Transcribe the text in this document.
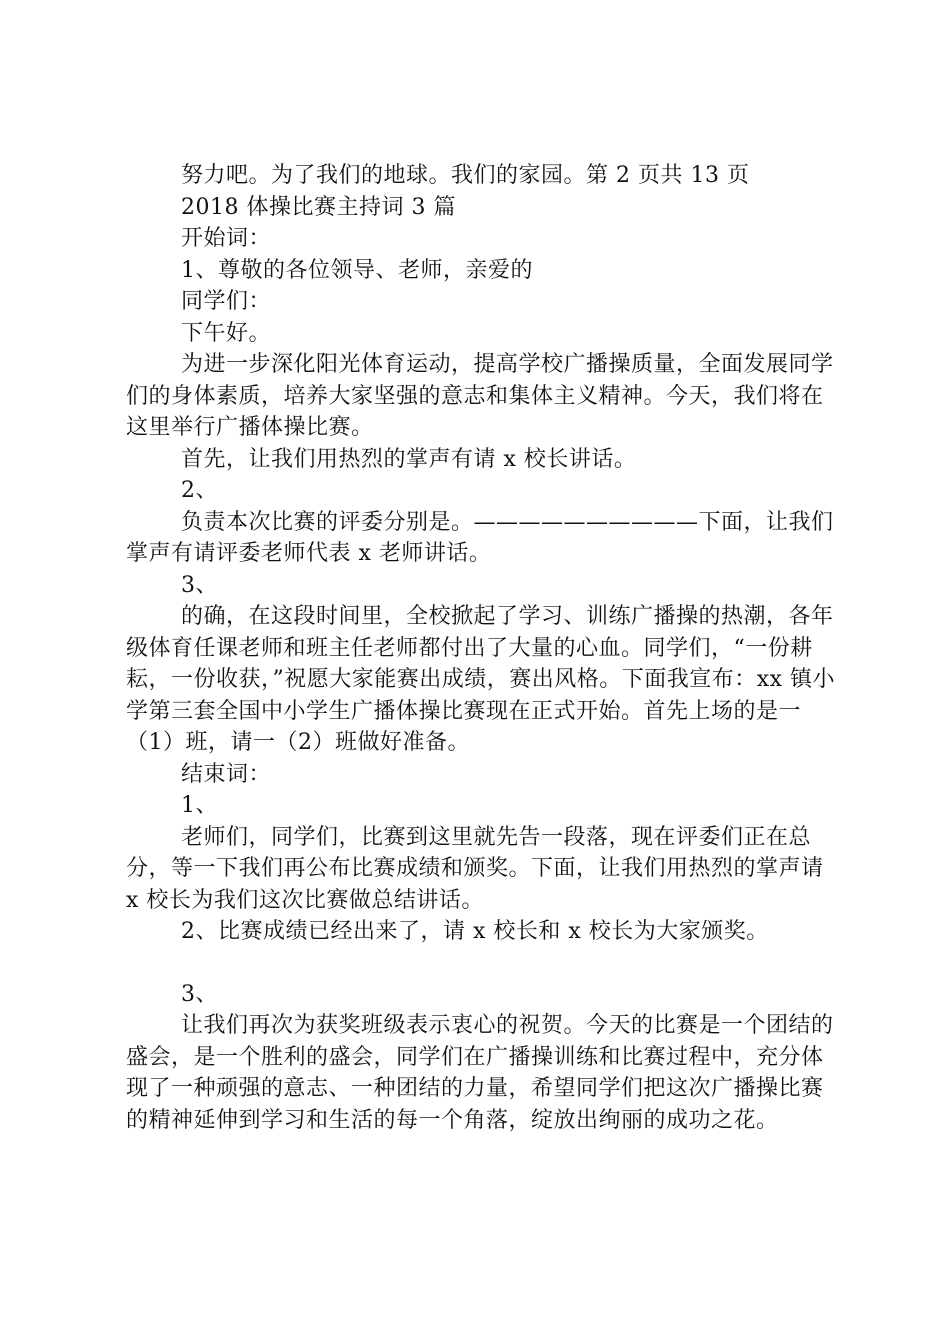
努力吧。为了我们的地球。我们的家园。第 2 页共 13 页

2018 体操比赛主持词 3 篇

开始词：

1、尊敬的各位领导、老师，亲爱的

同学们：

下午好。

为进一步深化阳光体育运动，提高学校广播操质量，全面发展同学们的身体素质，培养大家坚强的意志和集体主义精神。今天，我们将在这里举行广播体操比赛。

首先，让我们用热烈的掌声有请 x 校长讲话。

2、

负责本次比赛的评委分别是。——————————下面，让我们掌声有请评委老师代表 x 老师讲话。

3、

的确，在这段时间里，全校掀起了学习、训练广播操的热潮，各年级体育任课老师和班主任老师都付出了大量的心血。同学们，“一份耕耘，一份收获，”祝愿大家能赛出成绩，赛出风格。下面我宣布：xx 镇小学第三套全国中小学生广播体操比赛现在正式开始。首先上场的是一（1）班，请一（2）班做好准备。

结束词：

1、

老师们，同学们，比赛到这里就先告一段落，现在评委们正在总分，等一下我们再公布比赛成绩和颁奖。下面，让我们用热烈的掌声请 x 校长为我们这次比赛做总结讲话。

2、比赛成绩已经出来了，请 x 校长和 x 校长为大家颁奖。

3、

让我们再次为获奖班级表示衷心的祝贺。今天的比赛是一个团结的盛会，是一个胜利的盛会，同学们在广播操训练和比赛过程中，充分体现了一种顽强的意志、一种团结的力量，希望同学们把这次广播操比赛的精神延伸到学习和生活的每一个角落，绽放出绚丽的成功之花。
